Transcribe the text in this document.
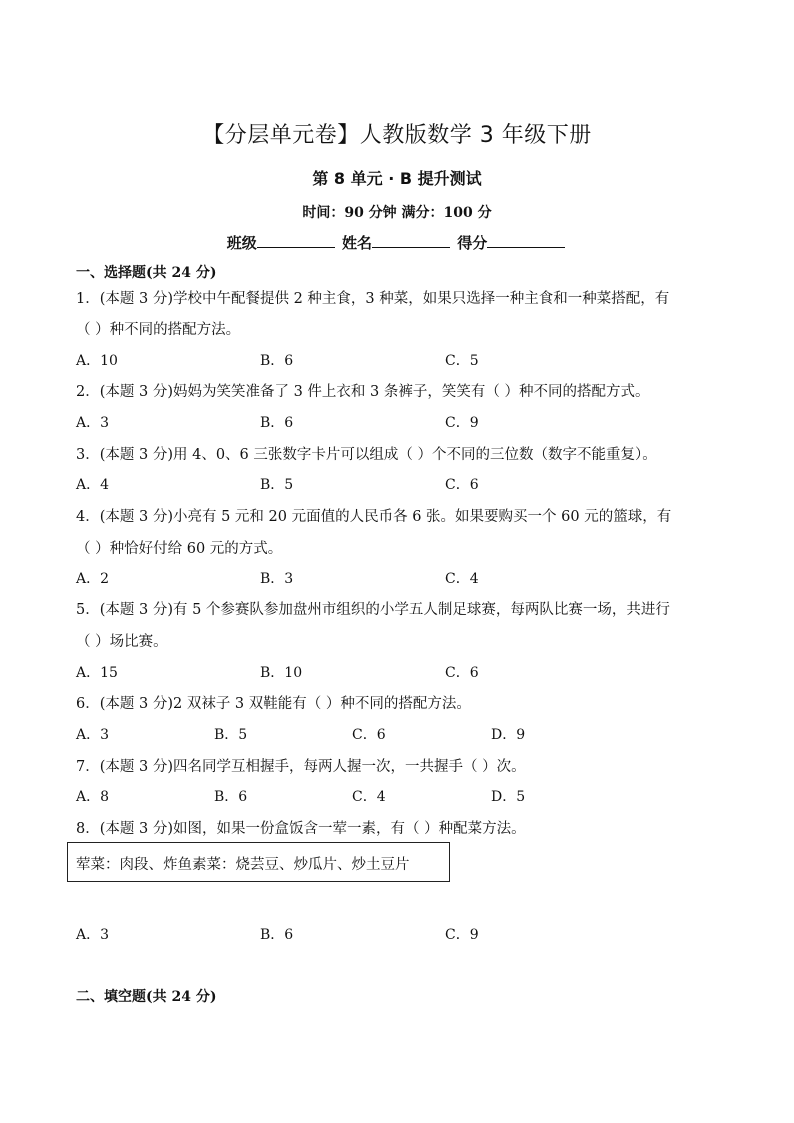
【分层单元卷】人教版数学 3 年级下册
第 8 单元 · B 提升测试
时间：90 分钟 满分：100 分
班级	姓名	得分
一、选择题(共 24 分)
1．(本题 3 分)学校中午配餐提供 2 种主食，3 种菜，如果只选择一种主食和一种菜搭配，有
（ ）种不同的搭配方法。
A．10	B．6	C．5
2．(本题 3 分)妈妈为笑笑准备了 3 件上衣和 3 条裤子，笑笑有（ ）种不同的搭配方式。
A．3	B．6	C．9
3．(本题 3 分)用 4、0、6 三张数字卡片可以组成（ ）个不同的三位数（数字不能重复）。
A．4	B．5	C．6
4．(本题 3 分)小亮有 5 元和 20 元面值的人民币各 6 张。如果要购买一个 60 元的篮球，有
（ ）种恰好付给 60 元的方式。
A．2	B．3	C．4
5．(本题 3 分)有 5 个参赛队参加盘州市组织的小学五人制足球赛，每两队比赛一场，共进行
（ ）场比赛。
A．15	B．10	C．6
6．(本题 3 分)2 双袜子 3 双鞋能有（ ）种不同的搭配方法。
A．3	B．5	C．6	D．9
7．(本题 3 分)四名同学互相握手，每两人握一次，一共握手（ ）次。
A．8	B．6	C．4	D．5
8．(本题 3 分)如图，如果一份盒饭含一荤一素，有（ ）种配菜方法。
荤菜：肉段、炸鱼素菜：烧芸豆、炒瓜片、炒土豆片
A．3	B．6	C．9
二、填空题(共 24 分)
